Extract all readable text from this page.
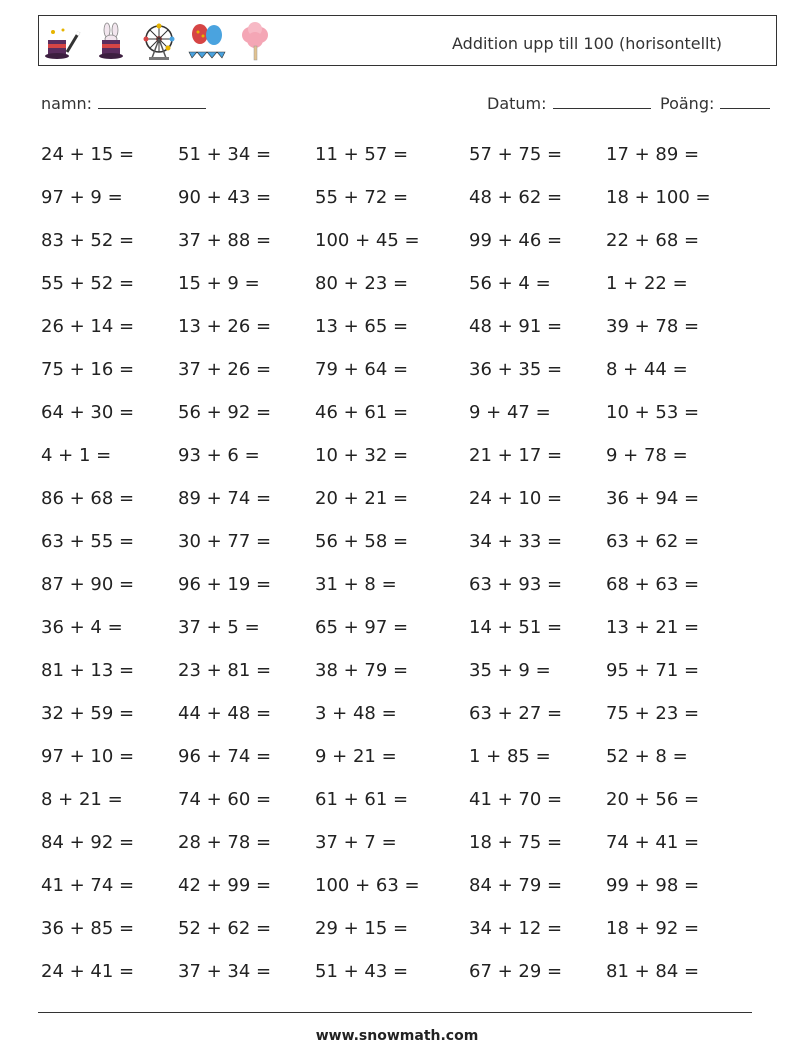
Addition upp till 100 (horisontellt)
namn:	Datum:	Poäng:
24 + 15 =	51 + 34 =	11 + 57 =	57 + 75 =	17 + 89 =
97 + 9 =	90 + 43 =	55 + 72 =	48 + 62 =	18 + 100 =
83 + 52 =	37 + 88 =	100 + 45 =	99 + 46 =	22 + 68 =
55 + 52 =	15 + 9 =	80 + 23 =	56 + 4 =	1 + 22 =
26 + 14 =	13 + 26 =	13 + 65 =	48 + 91 =	39 + 78 =
75 + 16 =	37 + 26 =	79 + 64 =	36 + 35 =	8 + 44 =
64 + 30 =	56 + 92 =	46 + 61 =	9 + 47 =	10 + 53 =
4 + 1 =	93 + 6 =	10 + 32 =	21 + 17 =	9 + 78 =
86 + 68 =	89 + 74 =	20 + 21 =	24 + 10 =	36 + 94 =
63 + 55 =	30 + 77 =	56 + 58 =	34 + 33 =	63 + 62 =
87 + 90 =	96 + 19 =	31 + 8 =	63 + 93 =	68 + 63 =
36 + 4 =	37 + 5 =	65 + 97 =	14 + 51 =	13 + 21 =
81 + 13 =	23 + 81 =	38 + 79 =	35 + 9 =	95 + 71 =
32 + 59 =	44 + 48 =	3 + 48 =	63 + 27 =	75 + 23 =
97 + 10 =	96 + 74 =	9 + 21 =	1 + 85 =	52 + 8 =
8 + 21 =	74 + 60 =	61 + 61 =	41 + 70 =	20 + 56 =
84 + 92 =	28 + 78 =	37 + 7 =	18 + 75 =	74 + 41 =
41 + 74 =	42 + 99 =	100 + 63 =	84 + 79 =	99 + 98 =
36 + 85 =	52 + 62 =	29 + 15 =	34 + 12 =	18 + 92 =
24 + 41 =	37 + 34 =	51 + 43 =	67 + 29 =	81 + 84 =
www.snowmath.com
